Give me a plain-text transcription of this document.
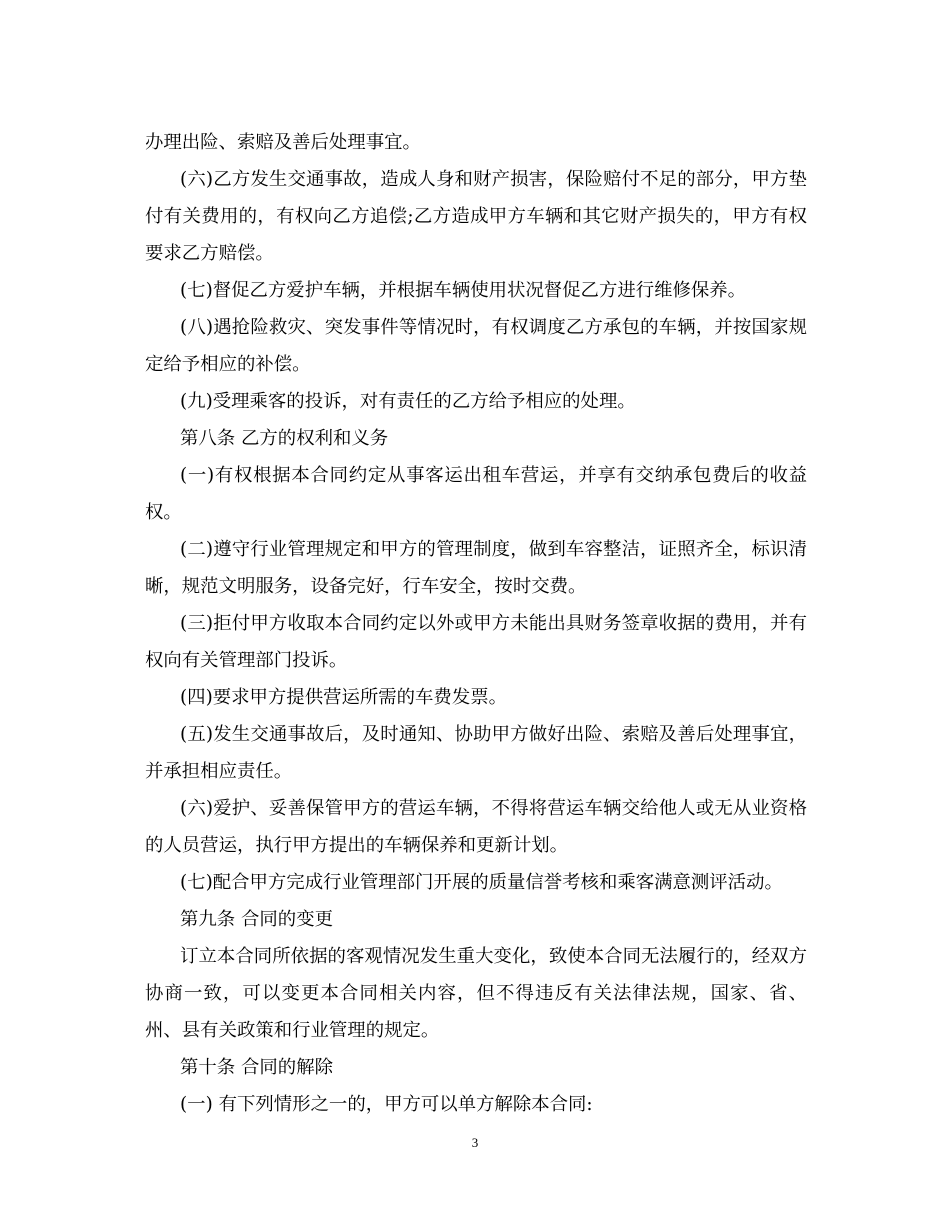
办理出险、索赔及善后处理事宜。

(六)乙方发生交通事故，造成人身和财产损害，保险赔付不足的部分，甲方垫付有关费用的，有权向乙方追偿;乙方造成甲方车辆和其它财产损失的，甲方有权要求乙方赔偿。

(七)督促乙方爱护车辆，并根据车辆使用状况督促乙方进行维修保养。

(八)遇抢险救灾、突发事件等情况时，有权调度乙方承包的车辆，并按国家规定给予相应的补偿。

(九)受理乘客的投诉，对有责任的乙方给予相应的处理。

第八条 乙方的权利和义务

(一)有权根据本合同约定从事客运出租车营运，并享有交纳承包费后的收益权。

(二)遵守行业管理规定和甲方的管理制度，做到车容整洁，证照齐全，标识清晰，规范文明服务，设备完好，行车安全，按时交费。

(三)拒付甲方收取本合同约定以外或甲方未能出具财务签章收据的费用，并有权向有关管理部门投诉。

(四)要求甲方提供营运所需的车费发票。

(五)发生交通事故后，及时通知、协助甲方做好出险、索赔及善后处理事宜，并承担相应责任。

(六)爱护、妥善保管甲方的营运车辆，不得将营运车辆交给他人或无从业资格的人员营运，执行甲方提出的车辆保养和更新计划。

(七)配合甲方完成行业管理部门开展的质量信誉考核和乘客满意测评活动。

第九条 合同的变更

订立本合同所依据的客观情况发生重大变化，致使本合同无法履行的，经双方协商一致，可以变更本合同相关内容，但不得违反有关法律法规，国家、省、州、县有关政策和行业管理的规定。

第十条 合同的解除

(一) 有下列情形之一的，甲方可以单方解除本合同:

3
